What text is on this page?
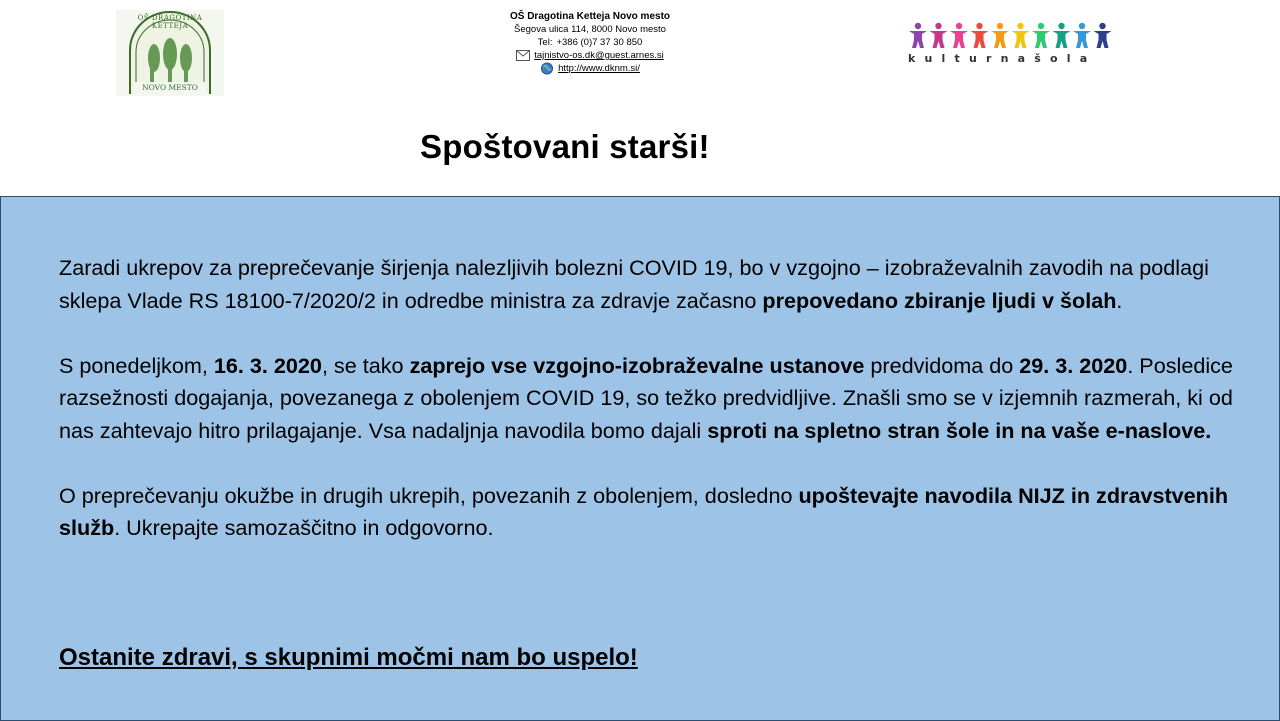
OŠ DRAGOTINA KETTEJA
NOVO MESTO
OŠ Dragotina Ketteja Novo mesto
Šegova ulica 114, 8000 Novo mesto
Tel: +386 (0)7 37 30 850
tajnistvo-os.dk@guest.arnes.si
http://www.dknm.si/
kulturnašola
Spoštovani starši!

Zaradi ukrepov za preprečevanje širjenja nalezljivih bolezni COVID 19, bo v vzgojno – izobraževalnih zavodih na podlagi sklepa Vlade RS 18100-7/2020/2 in odredbe ministra za zdravje začasno prepovedano zbiranje ljudi v šolah.

S ponedeljkom, 16. 3. 2020, se tako zaprejo vse vzgojno-izobraževalne ustanove predvidoma do 29. 3. 2020. Posledice razsežnosti dogajanja, povezanega z obolenjem COVID 19, so težko predvidljive. Znašli smo se v izjemnih razmerah, ki od nas zahtevajo hitro prilagajanje. Vsa nadaljnja navodila bomo dajali sproti na spletno stran šole in na vaše e-naslove.

O preprečevanju okužbe in drugih ukrepih, povezanih z obolenjem, dosledno upoštevajte navodila NIJZ in zdravstvenih služb. Ukrepajte samozaščitno in odgovorno.

Ostanite zdravi, s skupnimi močmi nam bo uspelo!
